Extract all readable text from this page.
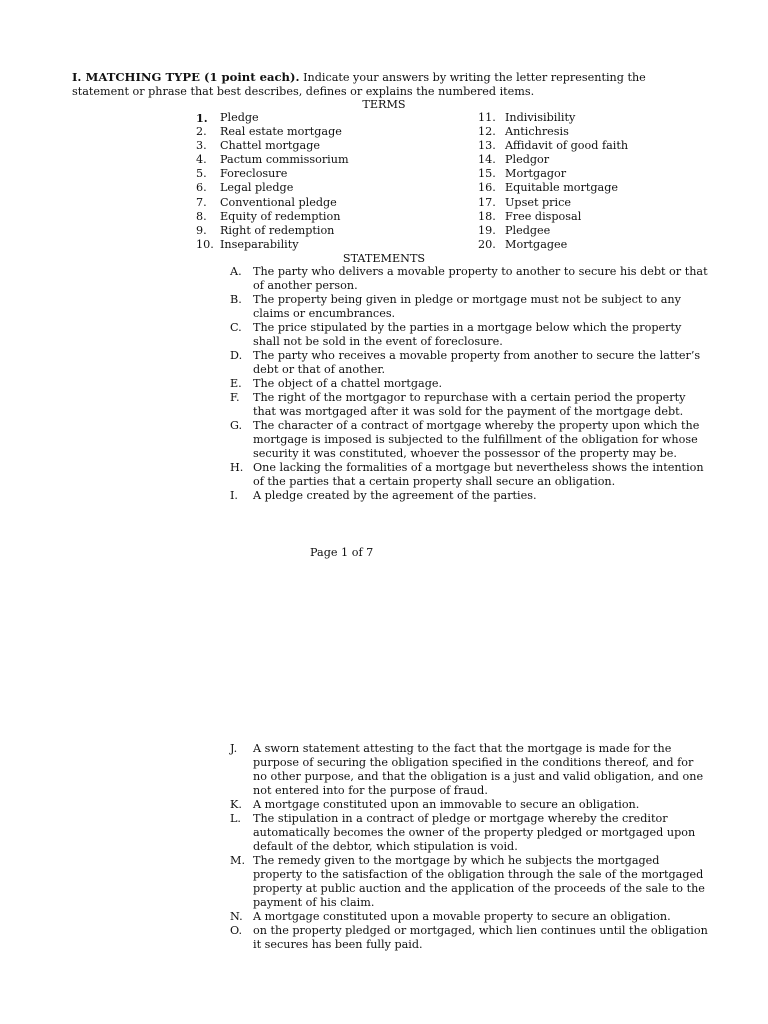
I. MATCHING TYPE (1 point each). Indicate your answers by writing the letter representing the statement or phrase that best describes, defines or explains the numbered items.
TERMS
1.	Pledge
2.	Real estate mortgage
3.	Chattel mortgage
4.	Pactum commissorium
5.	Foreclosure
6.	Legal pledge
7.	Conventional pledge
8.	Equity of redemption
9.	Right of redemption
10. Inseparability
11. Indivisibility
12. Antichresis
13. Affidavit of good faith
14. Pledgor
15. Mortgagor
16. Equitable mortgage
17. Upset price
18. Free disposal
19. Pledgee
20. Mortgagee
STATEMENTS
A.	The party who delivers a movable property to another to secure his debt or that of another person.
B.	The property being given in pledge or mortgage must not be subject to any claims or encumbrances.
C.	The price stipulated by the parties in a mortgage below which the property shall not be sold in the event of foreclosure.
D. The party who receives a movable property from another to secure the latter’s debt or that of another.
E.	The object of a chattel mortgage.
F.	The right of the mortgagor to repurchase with a certain period the property that was mortgaged after it was sold for the payment of the mortgage debt.
G. The character of a contract of mortgage whereby the property upon which the mortgage is imposed is subjected to the fulfillment of the obligation for whose security it was constituted, whoever the possessor of the property may be.
H. One lacking the formalities of a mortgage but nevertheless shows the intention of the parties that a certain property shall secure an obligation.
I.	A pledge created by the agreement of the parties.
Page 1 of 7
J.	A sworn statement attesting to the fact that the mortgage is made for the purpose of securing the obligation specified in the conditions thereof, and for no other purpose, and that the obligation is a just and valid obligation, and one not entered into for the purpose of fraud.
K. A mortgage constituted upon an immovable to secure an obligation.
L.	The stipulation in a contract of pledge or mortgage whereby the creditor automatically becomes the owner of the property pledged or mortgaged upon default of the debtor, which stipulation is void.
M. The remedy given to the mortgage by which he subjects the mortgaged property to the satisfaction of the obligation through the sale of the mortgaged property at public auction and the application of the proceeds of the sale to the payment of his claim.
N. A mortgage constituted upon a movable property to secure an obligation.
O. on the property pledged or mortgaged, which lien continues until the obligation it secures has been fully paid.
